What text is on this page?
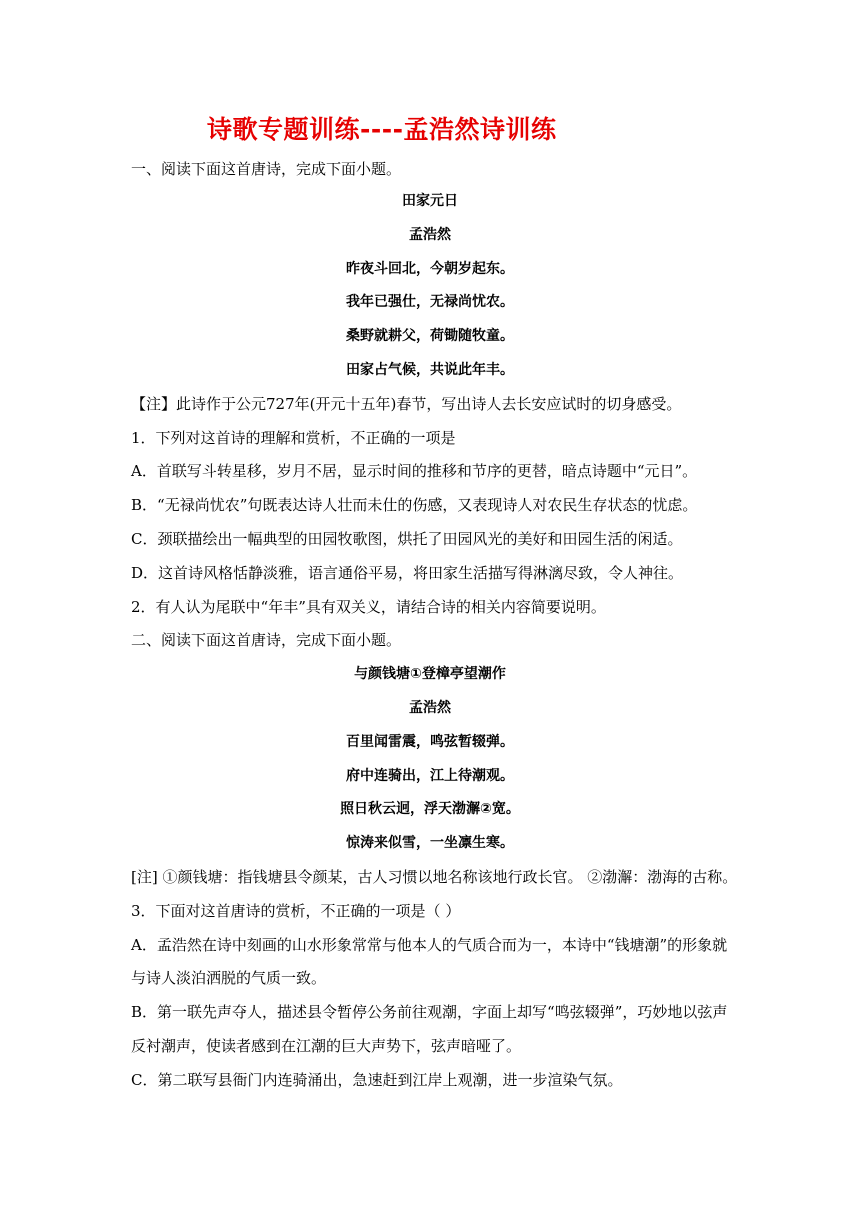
诗歌专题训练----孟浩然诗训练
一、阅读下面这首唐诗，完成下面小题。
田家元日
孟浩然
昨夜斗回北，今朝岁起东。
我年已强仕，无禄尚忧农。
桑野就耕父，荷锄随牧童。
田家占气候，共说此年丰。
【注】此诗作于公元727年(开元十五年)春节，写出诗人去长安应试时的切身感受。
1．下列对这首诗的理解和赏析，不正确的一项是
A．首联写斗转星移，岁月不居，显示时间的推移和节序的更替，暗点诗题中“元日”。
B．“无禄尚忧农”句既表达诗人壮而未仕的伤感，又表现诗人对农民生存状态的忧虑。
C．颈联描绘出一幅典型的田园牧歌图，烘托了田园风光的美好和田园生活的闲适。
D．这首诗风格恬静淡雅，语言通俗平易，将田家生活描写得淋漓尽致，令人神往。
2．有人认为尾联中“年丰”具有双关义，请结合诗的相关内容简要说明。
二、阅读下面这首唐诗，完成下面小题。
与颜钱塘①登樟亭望潮作
孟浩然
百里闻雷震，鸣弦暂辍弹。
府中连骑出，江上待潮观。
照日秋云迥，浮天渤澥②宽。
惊涛来似雪，一坐凛生寒。
[注] ①颜钱塘：指钱塘县令颜某，古人习惯以地名称该地行政长官。 ②渤澥：渤海的古称。
3．下面对这首唐诗的赏析，不正确的一项是（ ）
A．孟浩然在诗中刻画的山水形象常常与他本人的气质合而为一，本诗中“钱塘潮”的形象就
与诗人淡泊洒脱的气质一致。
B．第一联先声夺人，描述县令暂停公务前往观潮，字面上却写“鸣弦辍弹”，巧妙地以弦声
反衬潮声，使读者感到在江潮的巨大声势下，弦声暗哑了。
C．第二联写县衙门内连骑涌出，急速赶到江岸上观潮，进一步渲染气氛。
